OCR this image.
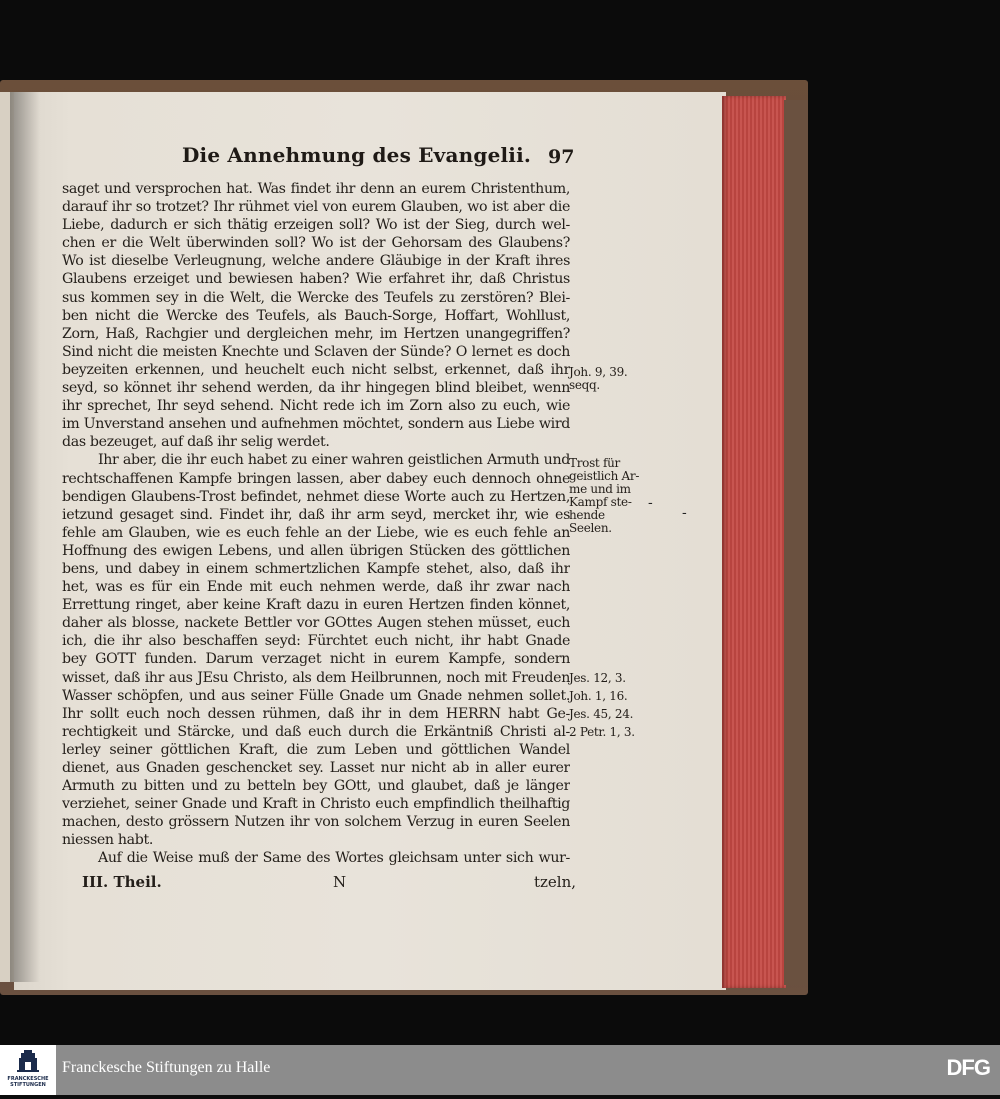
Die Annehmung des Evangelii. 97
saget und versprochen hat. Was findet ihr denn an eurem Christenthum,
darauf ihr so trotzet? Ihr rühmet viel von eurem Glauben, wo ist aber die
Liebe, dadurch er sich thätig erzeigen soll? Wo ist der Sieg, durch wel-
chen er die Welt überwinden soll? Wo ist der Gehorsam des Glaubens?
Wo ist dieselbe Verleugnung, welche andere Gläubige in der Kraft ihres
Glaubens erzeiget und bewiesen haben? Wie erfahret ihr, daß Christus
sus kommen sey in die Welt, die Wercke des Teufels zu zerstören? Blei-
ben nicht die Wercke des Teufels, als Bauch-Sorge, Hoffart, Wohllust,
Zorn, Haß, Rachgier und dergleichen mehr, im Hertzen unangegriffen?
Sind nicht die meisten Knechte und Sclaven der Sünde? O lernet es doch
beyzeiten erkennen, und heuchelt euch nicht selbst, erkennet, daß ihr
seyd, so könnet ihr sehend werden, da ihr hingegen blind bleibet, wenn
ihr sprechet, Ihr seyd sehend. Nicht rede ich im Zorn also zu euch, wie
im Unverstand ansehen und aufnehmen möchtet, sondern aus Liebe wird
das bezeuget, auf daß ihr selig werdet.
Ihr aber, die ihr euch habet zu einer wahren geistlichen Armuth und
rechtschaffenen Kampfe bringen lassen, aber dabey euch dennoch ohne
bendigen Glaubens-Trost befindet, nehmet diese Worte auch zu Hertzen,
ietzund gesaget sind. Findet ihr, daß ihr arm seyd, mercket ihr, wie es
fehle am Glauben, wie es euch fehle an der Liebe, wie es euch fehle an
Hoffnung des ewigen Lebens, und allen übrigen Stücken des göttlichen
bens, und dabey in einem schmertzlichen Kampfe stehet, also, daß ihr
het, was es für ein Ende mit euch nehmen werde, daß ihr zwar nach
Errettung ringet, aber keine Kraft dazu in euren Hertzen finden könnet,
daher als blosse, nackete Bettler vor GOttes Augen stehen müsset, euch
ich, die ihr also beschaffen seyd: Fürchtet euch nicht, ihr habt Gnade
bey GOTT funden. Darum verzaget nicht in eurem Kampfe, sondern
wisset, daß ihr aus JEsu Christo, als dem Heilbrunnen, noch mit Freuden
Wasser schöpfen, und aus seiner Fülle Gnade um Gnade nehmen sollet.
Ihr sollt euch noch dessen rühmen, daß ihr in dem HERRN habt Ge-
rechtigkeit und Stärcke, und daß euch durch die Erkäntniß Christi al-
lerley seiner göttlichen Kraft, die zum Leben und göttlichen Wandel
dienet, aus Gnaden geschencket sey. Lasset nur nicht ab in aller eurer
Armuth zu bitten und zu betteln bey GOtt, und glaubet, daß je länger
verziehet, seiner Gnade und Kraft in Christo euch empfindlich theilhaftig
machen, desto grössern Nutzen ihr von solchem Verzug in euren Seelen
niessen habt.
Auf die Weise muß der Same des Wortes gleichsam unter sich wur-
Joh. 9, 39.
seqq.
Trost für
geistlich Ar-
me und im
Kampf ste-
hende Seelen.
-
-
Jes. 12, 3.
Joh. 1, 16.
Jes. 45, 24.
2 Petr. 1, 3.
III. Theil.	N	tzeln,
FRANCKESCHE STIFTUNGEN
Franckesche Stiftungen zu Halle	DFG
